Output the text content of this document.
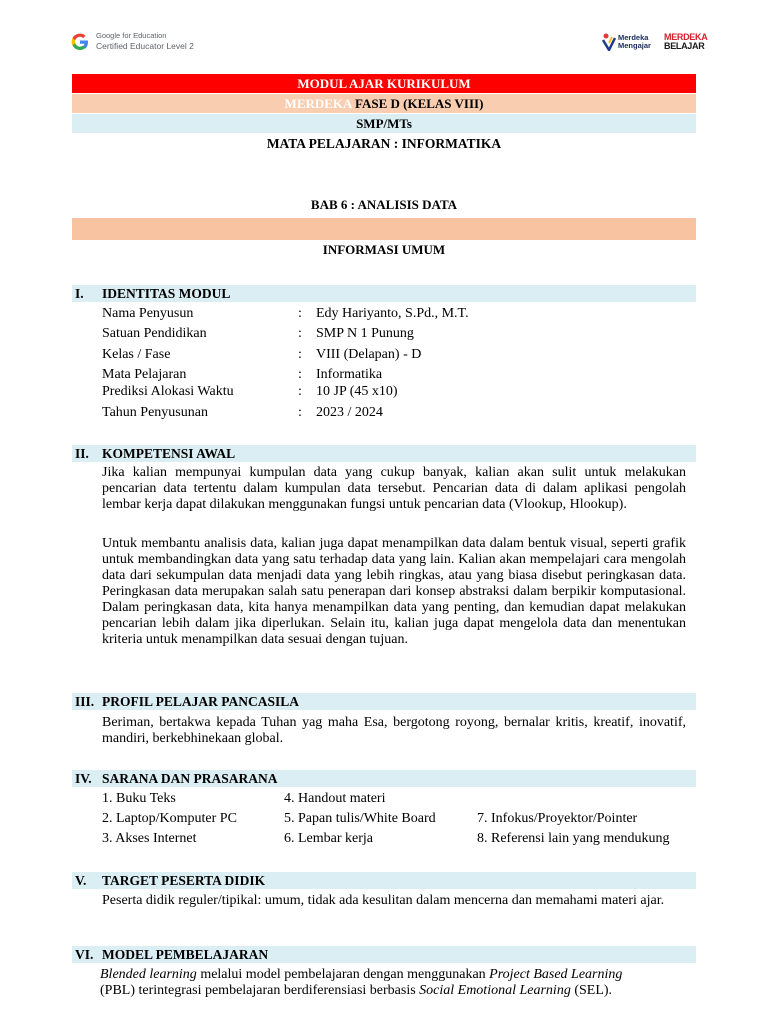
Google for Education
Certified Educator Level 2
Merdeka
Mengajar
MERDEKA
BELAJAR
MODUL AJAR KURIKULUM
MERDEKA FASE D (KELAS VIII)
SMP/MTs
MATA PELAJARAN : INFORMATIKA
BAB 6 : ANALISIS DATA
INFORMASI UMUM
I. IDENTITAS MODUL
Nama Penyusun	: Edy Hariyanto, S.Pd., M.T.
Satuan Pendidikan	: SMP N 1 Punung
Kelas / Fase	: VIII (Delapan) - D
Mata Pelajaran	: Informatika
Prediksi Alokasi Waktu	: 10 JP (45 x10)
Tahun Penyusunan	: 2023 / 2024
II. KOMPETENSI AWAL

Jika kalian mempunyai kumpulan data yang cukup banyak, kalian akan sulit untuk melakukan pencarian data tertentu dalam kumpulan data tersebut. Pencarian data di dalam aplikasi pengolah lembar kerja dapat dilakukan menggunakan fungsi untuk pencarian data (Vlookup, Hlookup).

Untuk membantu analisis data, kalian juga dapat menampilkan data dalam bentuk visual, seperti grafik untuk membandingkan data yang satu terhadap data yang lain. Kalian akan mempelajari cara mengolah data dari sekumpulan data menjadi data yang lebih ringkas, atau yang biasa disebut peringkasan data. Peringkasan data merupakan salah satu penerapan dari konsep abstraksi dalam berpikir komputasional. Dalam peringkasan data, kita hanya menampilkan data yang penting, dan kemudian dapat melakukan pencarian lebih dalam jika diperlukan. Selain itu, kalian juga dapat mengelola data dan menentukan kriteria untuk menampilkan data sesuai dengan tujuan.

III. PROFIL PELAJAR PANCASILA

Beriman, bertakwa kepada Tuhan yag maha Esa, bergotong royong, bernalar kritis, kreatif, inovatif, mandiri, berkebhinekaan global.

IV. SARANA DAN PRASARANA
1. Buku Teks
2. Laptop/Komputer PC
3. Akses Internet
4. Handout materi
5. Papan tulis/White Board
6. Lembar kerja
7. Infokus/Proyektor/Pointer
8. Referensi lain yang mendukung
V. TARGET PESERTA DIDIK

Peserta didik reguler/tipikal: umum, tidak ada kesulitan dalam mencerna dan memahami materi ajar.

VI. MODEL PEMBELAJARAN

Blended learning melalui model pembelajaran dengan menggunakan Project Based Learning
(PBL) terintegrasi pembelajaran berdiferensiasi berbasis Social Emotional Learning (SEL).
